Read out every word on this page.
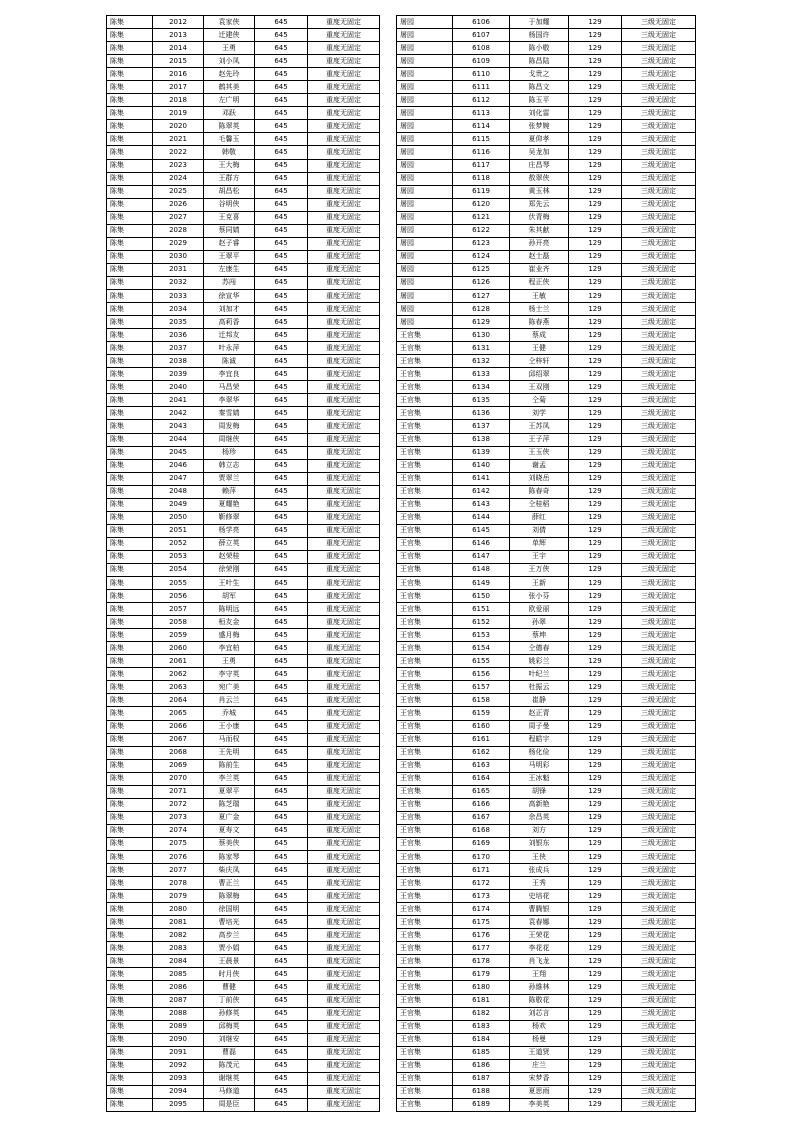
陈集	2012	袁家侠	645	重度无固定
陈集	2013	迁建侠	645	重度无固定
陈集	2014	王勇	645	重度无固定
陈集	2015	刘小凤	645	重度无固定
陈集	2016	赵先玲	645	重度无固定
陈集	2017	鹤其美	645	重度无固定
陈集	2018	左广明	645	重度无固定
陈集	2019	邓跃	645	重度无固定
陈集	2020	陈翠英	645	重度无固定
陈集	2021	毛馨玉	645	重度无固定
陈集	2022	韩敬	645	重度无固定
陈集	2023	王大梅	645	重度无固定
陈集	2024	王群方	645	重度无固定
陈集	2025	胡昌松	645	重度无固定
陈集	2026	谷明侠	645	重度无固定
陈集	2027	王克喜	645	重度无固定
陈集	2028	蔡同婧	645	重度无固定
陈集	2029	赵子睿	645	重度无固定
陈集	2030	王翠平	645	重度无固定
陈集	2031	左康生	645	重度无固定
陈集	2032	苏闯	645	重度无固定
陈集	2033	徐宣华	645	重度无固定
陈集	2034	刘加才	645	重度无固定
陈集	2035	高莉香	645	重度无固定
陈集	2036	迁邦友	645	重度无固定
陈集	2037	叶永萍	645	重度无固定
陈集	2038	陈诚	645	重度无固定
陈集	2039	李宜良	645	重度无固定
陈集	2040	马昌荣	645	重度无固定
陈集	2041	李翠华	645	重度无固定
陈集	2042	秦雪婧	645	重度无固定
陈集	2043	周发梅	645	重度无固定
陈集	2044	周继侠	645	重度无固定
陈集	2045	杨珍	645	重度无固定
陈集	2046	韩立志	645	重度无固定
陈集	2047	贾翠兰	645	重度无固定
陈集	2048	赖萍	645	重度无固定
陈集	2049	夏耀艳	645	重度无固定
陈集	2050	靳修翠	645	重度无固定
陈集	2051	杨学亮	645	重度无固定
陈集	2052	薛立英	645	重度无固定
陈集	2053	赵荣桂	645	重度无固定
陈集	2054	徐荣刚	645	重度无固定
陈集	2055	王叶生	645	重度无固定
陈集	2056	胡军	645	重度无固定
陈集	2057	陈明远	645	重度无固定
陈集	2058	桓友金	645	重度无固定
陈集	2059	盛月梅	645	重度无固定
陈集	2060	李宜柏	645	重度无固定
陈集	2061	王勇	645	重度无固定
陈集	2062	李守英	645	重度无固定
陈集	2063	宛广美	645	重度无固定
陈集	2064	肖云兰	645	重度无固定
陈集	2065	乔城	645	重度无固定
陈集	2066	王小康	645	重度无固定
陈集	2067	马而权	645	重度无固定
陈集	2068	王先明	645	重度无固定
陈集	2069	陈前生	645	重度无固定
陈集	2070	李兰英	645	重度无固定
陈集	2071	夏翠平	645	重度无固定
陈集	2072	陈芝瑞	645	重度无固定
陈集	2073	夏广金	645	重度无固定
陈集	2074	夏寿文	645	重度无固定
陈集	2075	蔡美侠	645	重度无固定
陈集	2076	陈家琴	645	重度无固定
陈集	2077	柴庆凤	645	重度无固定
陈集	2078	曹正兰	645	重度无固定
陈集	2079	陈翠梅	645	重度无固定
陈集	2080	徐国明	645	重度无固定
陈集	2081	曹培光	645	重度无固定
陈集	2082	高步兰	645	重度无固定
陈集	2083	贾小娟	645	重度无固定
陈集	2084	王晨景	645	重度无固定
陈集	2085	时月侠	645	重度无固定
陈集	2086	曹健	645	重度无固定
陈集	2087	丁前侠	645	重度无固定
陈集	2088	孙修英	645	重度无固定
陈集	2089	邱梅英	645	重度无固定
陈集	2090	刘继安	645	重度无固定
陈集	2091	曹磊	645	重度无固定
陈集	2092	陈茂元	645	重度无固定
陈集	2093	谢继英	645	重度无固定
陈集	2094	马修道	645	重度无固定
陈集	2095	周是臣	645	重度无固定
屠园	6106	于加耀	129	三级无固定
屠园	6107	杨国许	129	三级无固定
屠园	6108	陈小敬	129	三级无固定
屠园	6109	陈昌陆	129	三级无固定
屠园	6110	戈贵之	129	三级无固定
屠园	6111	陈昌文	129	三级无固定
屠园	6112	陈玉平	129	三级无固定
屠园	6113	刘化雷	129	三级无固定
屠园	6114	张梦婉	129	三级无固定
屠园	6115	夏仰孝	129	三级无固定
屠园	6116	吴龙加	129	三级无固定
屠园	6117	庄昌琴	129	三级无固定
屠园	6118	敖翠侠	129	三级无固定
屠园	6119	黄玉林	129	三级无固定
屠园	6120	郑先云	129	三级无固定
屠园	6121	伏青梅	129	三级无固定
屠园	6122	朱其献	129	三级无固定
屠园	6123	孙开亮	129	三级无固定
屠园	6124	赵士磊	129	三级无固定
屠园	6125	崔业齐	129	三级无固定
屠园	6126	程正侠	129	三级无固定
屠园	6127	王敏	129	三级无固定
屠园	6128	杨士兰	129	三级无固定
屠园	6129	陈春燕	129	三级无固定
王官集	6130	蔡成	129	三级无固定
王官集	6131	王健	129	三级无固定
王官集	6132	仝梓轩	129	三级无固定
王官集	6133	邱绍翠	129	三级无固定
王官集	6134	王双刚	129	三级无固定
王官集	6135	仝菊	129	三级无固定
王官集	6136	刘学	129	三级无固定
王官集	6137	王苏凤	129	三级无固定
王官集	6138	王子萍	129	三级无固定
王官集	6139	王玉侠	129	三级无固定
王官集	6140	谢孟	129	三级无固定
王官集	6141	刘晓岳	129	三级无固定
王官集	6142	陈春奇	129	三级无固定
王官集	6143	仝桂稻	129	三级无固定
王官集	6144	薛红	129	三级无固定
王官集	6145	刘倩	129	三级无固定
王官集	6146	单辉	129	三级无固定
王官集	6147	王宇	129	三级无固定
王官集	6148	王万侠	129	三级无固定
王官集	6149	王新	129	三级无固定
王官集	6150	张小芬	129	三级无固定
王官集	6151	欧爱丽	129	三级无固定
王官集	6152	孙翠	129	三级无固定
王官集	6153	蔡坤	129	三级无固定
王官集	6154	仝德春	129	三级无固定
王官集	6155	姚彩兰	129	三级无固定
王官集	6156	叶纪兰	129	三级无固定
王官集	6157	杜振云	129	三级无固定
王官集	6158	崔静	129	三级无固定
王官集	6159	赵正青	129	三级无固定
王官集	6160	周子曼	129	三级无固定
王官集	6161	程皓宇	129	三级无固定
王官集	6162	杨化俭	129	三级无固定
王官集	6163	马明彩	129	三级无固定
王官集	6164	王冰魁	129	三级无固定
王官集	6165	胡锋	129	三级无固定
王官集	6166	高新艳	129	三级无固定
王官集	6167	余昌英	129	三级无固定
王官集	6168	刘方	129	三级无固定
王官集	6169	刘银东	129	三级无固定
王官集	6170	王侠	129	三级无固定
王官集	6171	张成兵	129	三级无固定
王官集	6172	王秀	129	三级无固定
王官集	6173	史培花	129	三级无固定
王官集	6174	曹腾银	129	三级无固定
王官集	6175	袁春娜	129	三级无固定
王官集	6176	王荣花	129	三级无固定
王官集	6177	李花花	129	三级无固定
王官集	6178	肖飞龙	129	三级无固定
王官集	6179	王翔	129	三级无固定
王官集	6180	孙維林	129	三级无固定
王官集	6181	陈敬花	129	三级无固定
王官集	6182	刘芯言	129	三级无固定
王官集	6183	杨欢	129	三级无固定
王官集	6184	杨曼	129	三级无固定
王官集	6185	王道贤	129	三级无固定
王官集	6186	庄兰	129	三级无固定
王官集	6187	宋梦香	129	三级无固定
王官集	6188	夏思雨	129	三级无固定
王官集	6189	李美英	129	三级无固定
